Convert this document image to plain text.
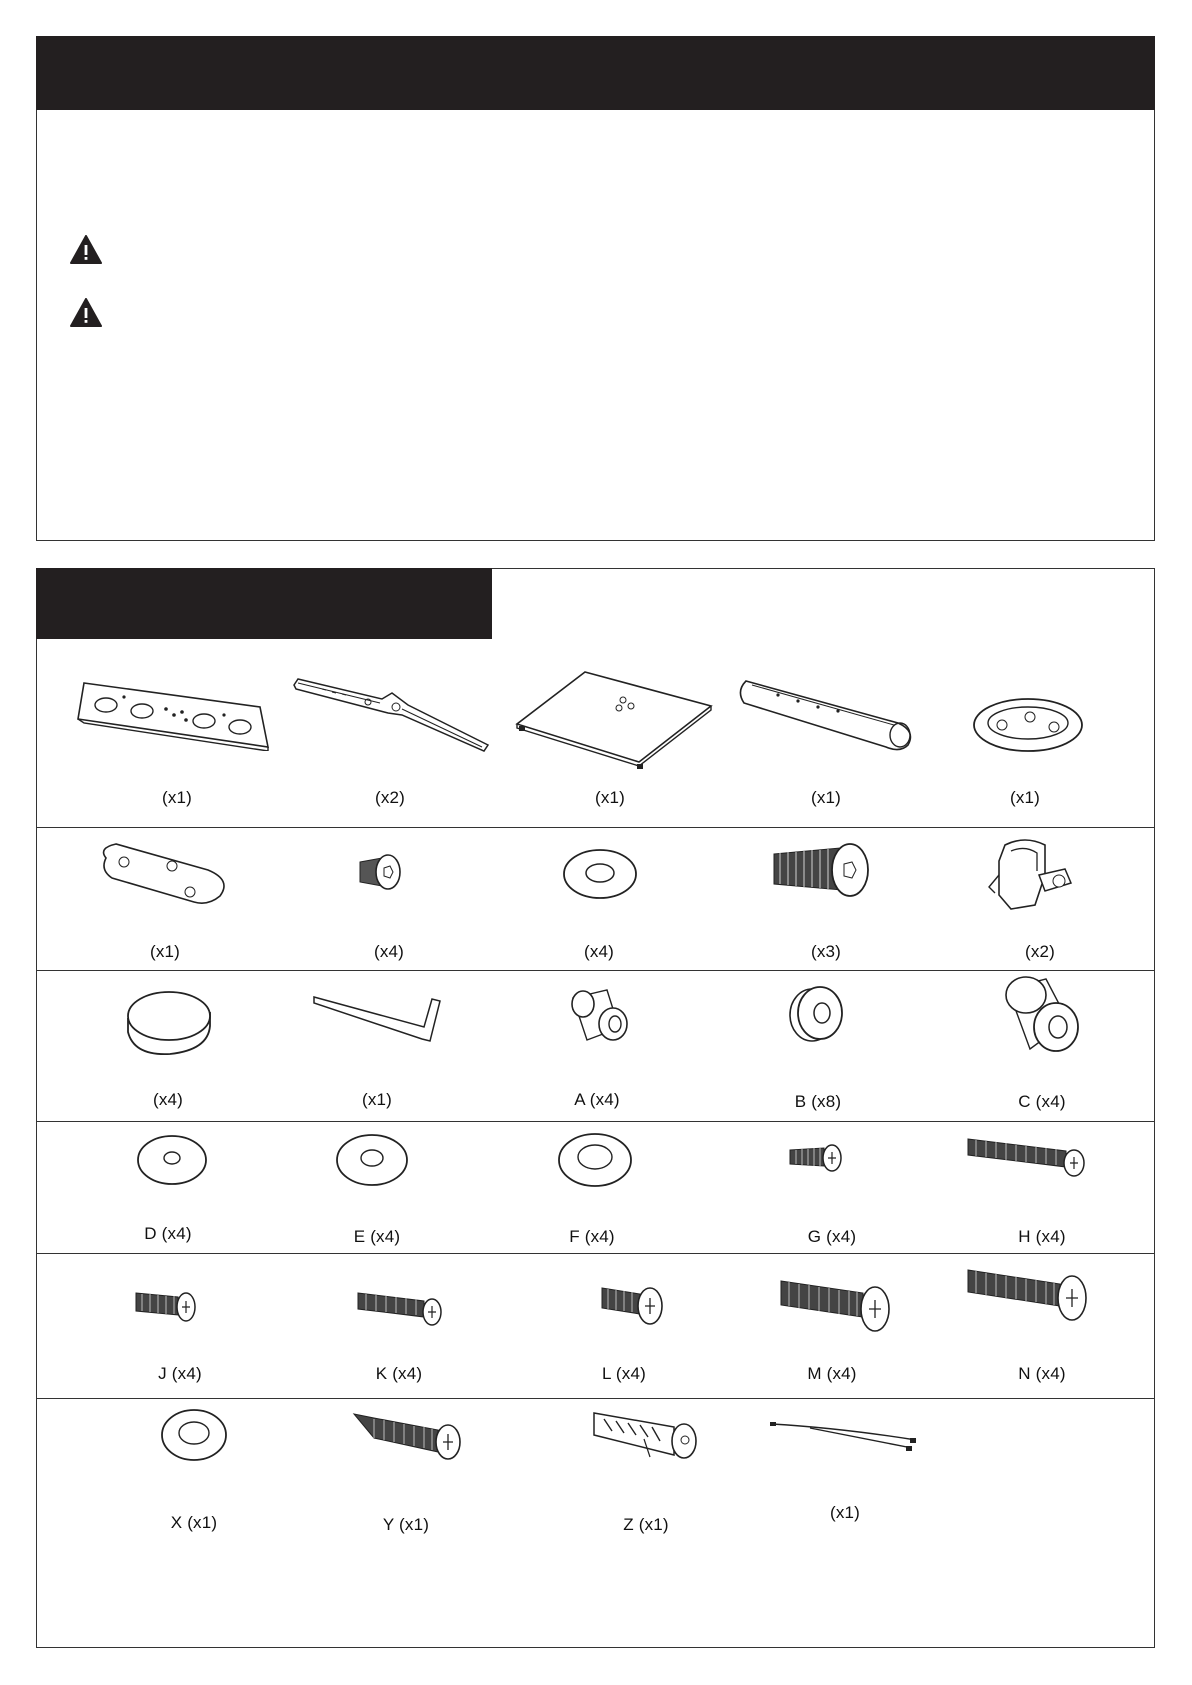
(x1)	(x2)	(x1)	(x1)	(x1)
(x1)	(x4)	(x4)	(x3)	(x2)
(x4)	(x1)	A (x4)	B (x8)	C (x4)
D (x4)	E (x4)	F (x4)	G (x4)	H (x4)
J (x4)	K (x4)	L (x4)	M (x4)	N (x4)
X (x1)	Y (x1)	Z (x1)
(x1)
